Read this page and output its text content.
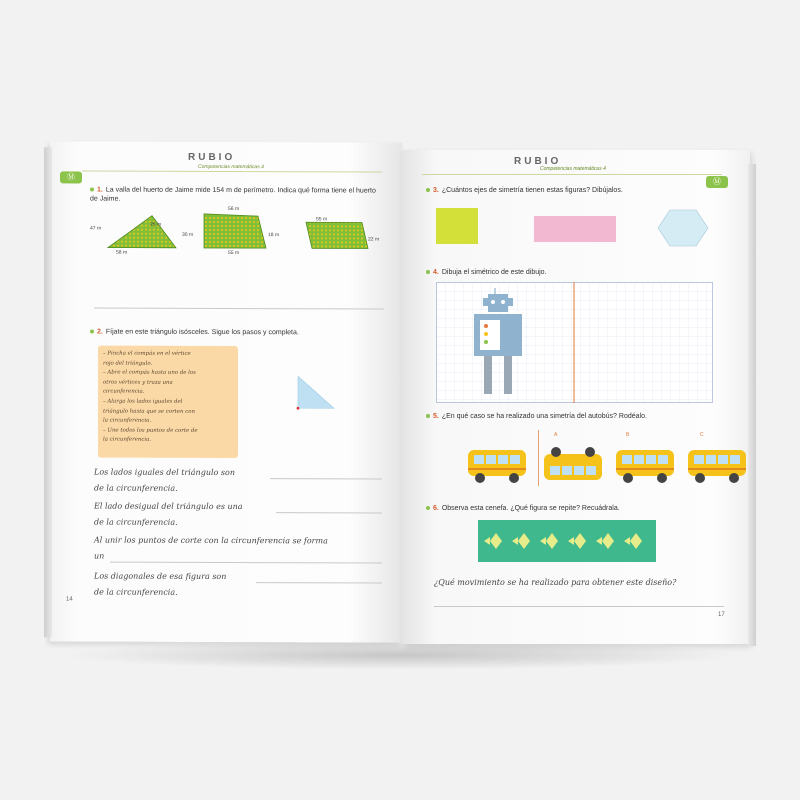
RUBIO
Competencias matemáticas 4
Ⓜ
1. La valla del huerto de Jaime mide 154 m de perímetro. Indica qué forma tiene el huerto de Jaime.
47 m
25 m
58 m
56 m
30 m	18 m
55 m
55 m
22 m
2. Fíjate en este triángulo isósceles. Sigue los pasos y completa.
– Pincha el compás en el vértice
rojo del triángulo.
– Abre el compás hasta uno de los
otros vértices y traza una
circunferencia.
– Alarga los lados iguales del
triángulo hasta que se corten con
la circunferencia.
– Une todos los puntos de corte de
la circunferencia.
Los lados iguales del triángulo son
de la circunferencia.
El lado desigual del triángulo es una
de la circunferencia.
Al unir los puntos de corte con la circunferencia se forma
un
Los diagonales de esa figura son
de la circunferencia.
14
RUBIO
Competencias matemáticas 4
Ⓜ
3. ¿Cuántos ejes de simetría tienen estas figuras? Dibújalos.
4. Dibuja el simétrico de este dibujo.
5. ¿En qué caso se ha realizado una simetría del autobús? Rodéalo.
A	B	C
6. Observa esta cenefa. ¿Qué figura se repite? Recuádrala.
¿Qué movimiento se ha realizado para obtener este diseño?
17
